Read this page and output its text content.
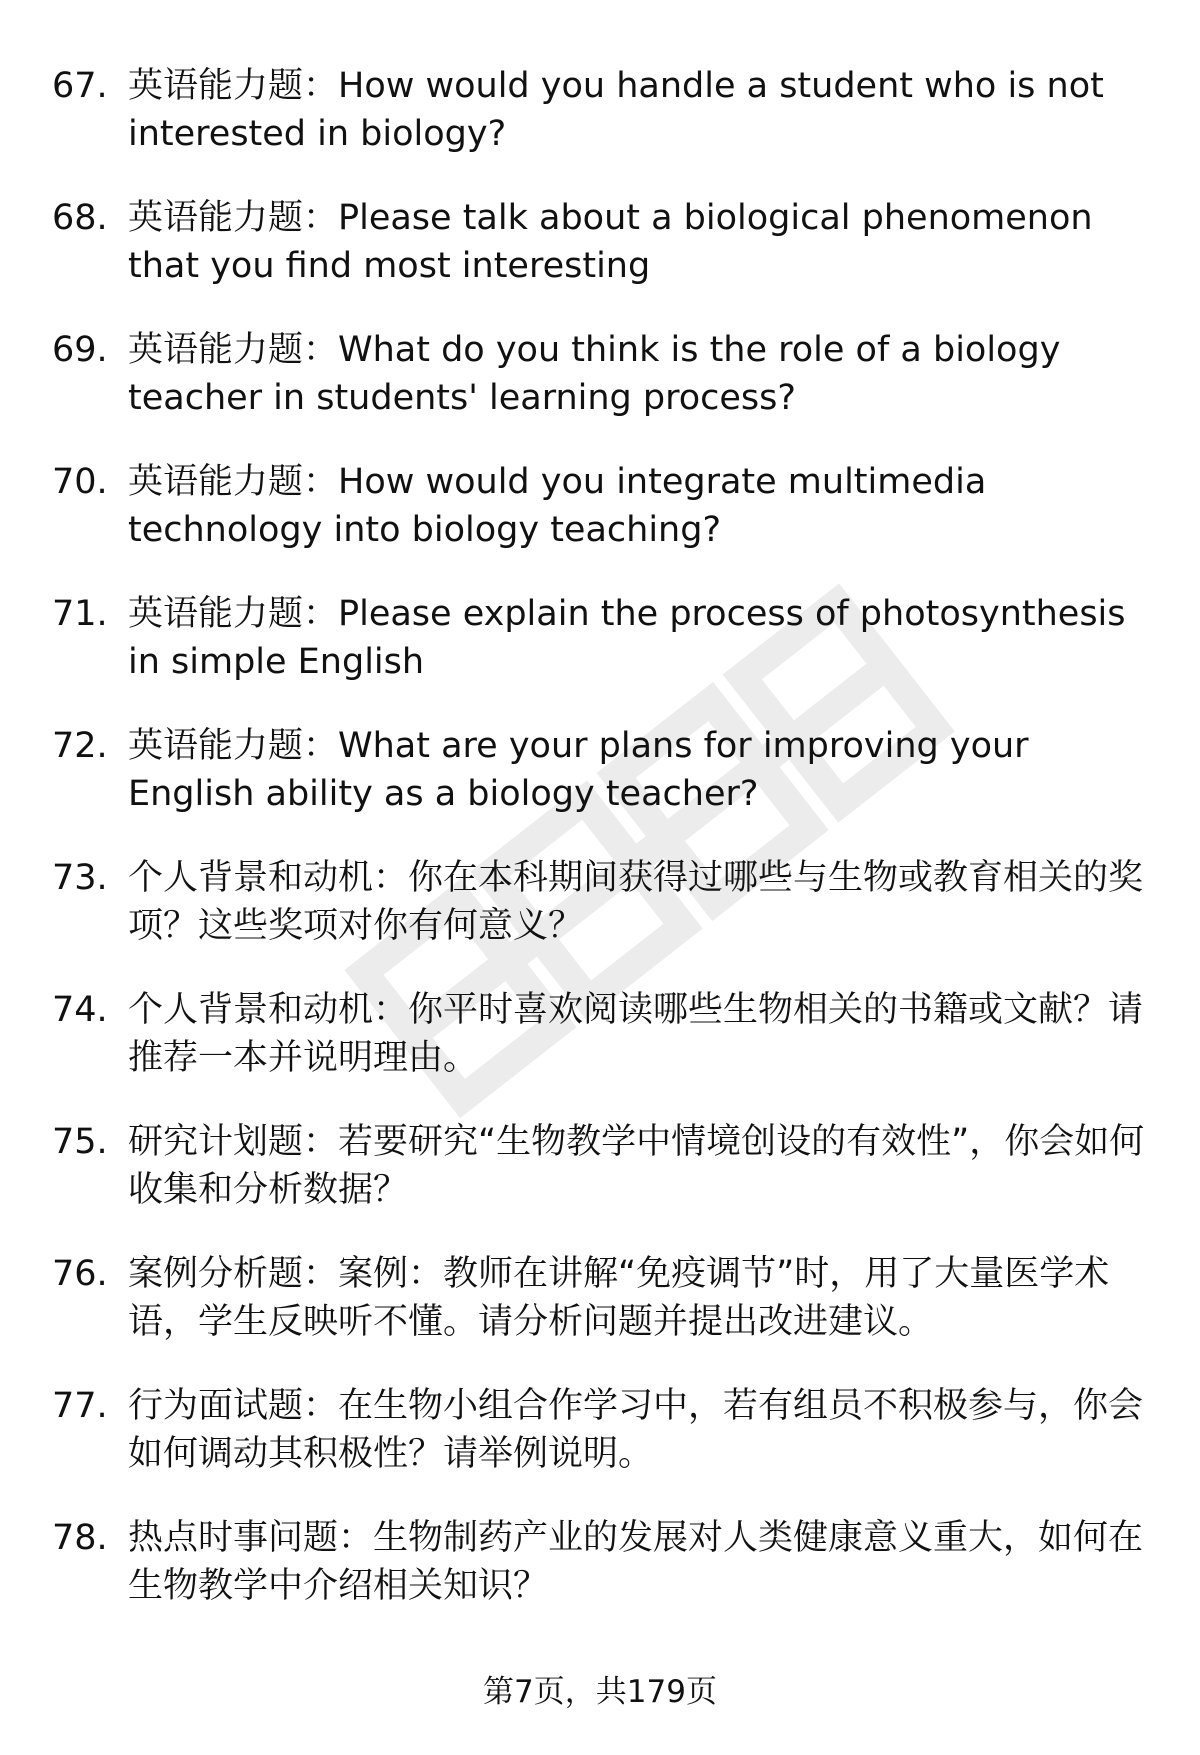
67. 英语能力题：How would you handle a student who is not interested in biology?
68. 英语能力题：Please talk about a biological phenomenon that you find most interesting
69. 英语能力题：What do you think is the role of a biology teacher in students' learning process?
70. 英语能力题：How would you integrate multimedia technology into biology teaching?
71. 英语能力题：Please explain the process of photosynthesis in simple English
72. 英语能力题：What are your plans for improving your English ability as a biology teacher?
73. 个人背景和动机：你在本科期间获得过哪些与生物或教育相关的奖项？这些奖项对你有何意义？
74. 个人背景和动机：你平时喜欢阅读哪些生物相关的书籍或文献？请推荐一本并说明理由。
75. 研究计划题：若要研究“生物教学中情境创设的有效性”，你会如何收集和分析数据？
76. 案例分析题：案例：教师在讲解“免疫调节”时，用了大量医学术语，学生反映听不懂。请分析问题并提出改进建议。
77. 行为面试题：在生物小组合作学习中，若有组员不积极参与，你会如何调动其积极性？请举例说明。
78. 热点时事问题：生物制药产业的发展对人类健康意义重大，如何在生物教学中介绍相关知识？
第7页，共179页
